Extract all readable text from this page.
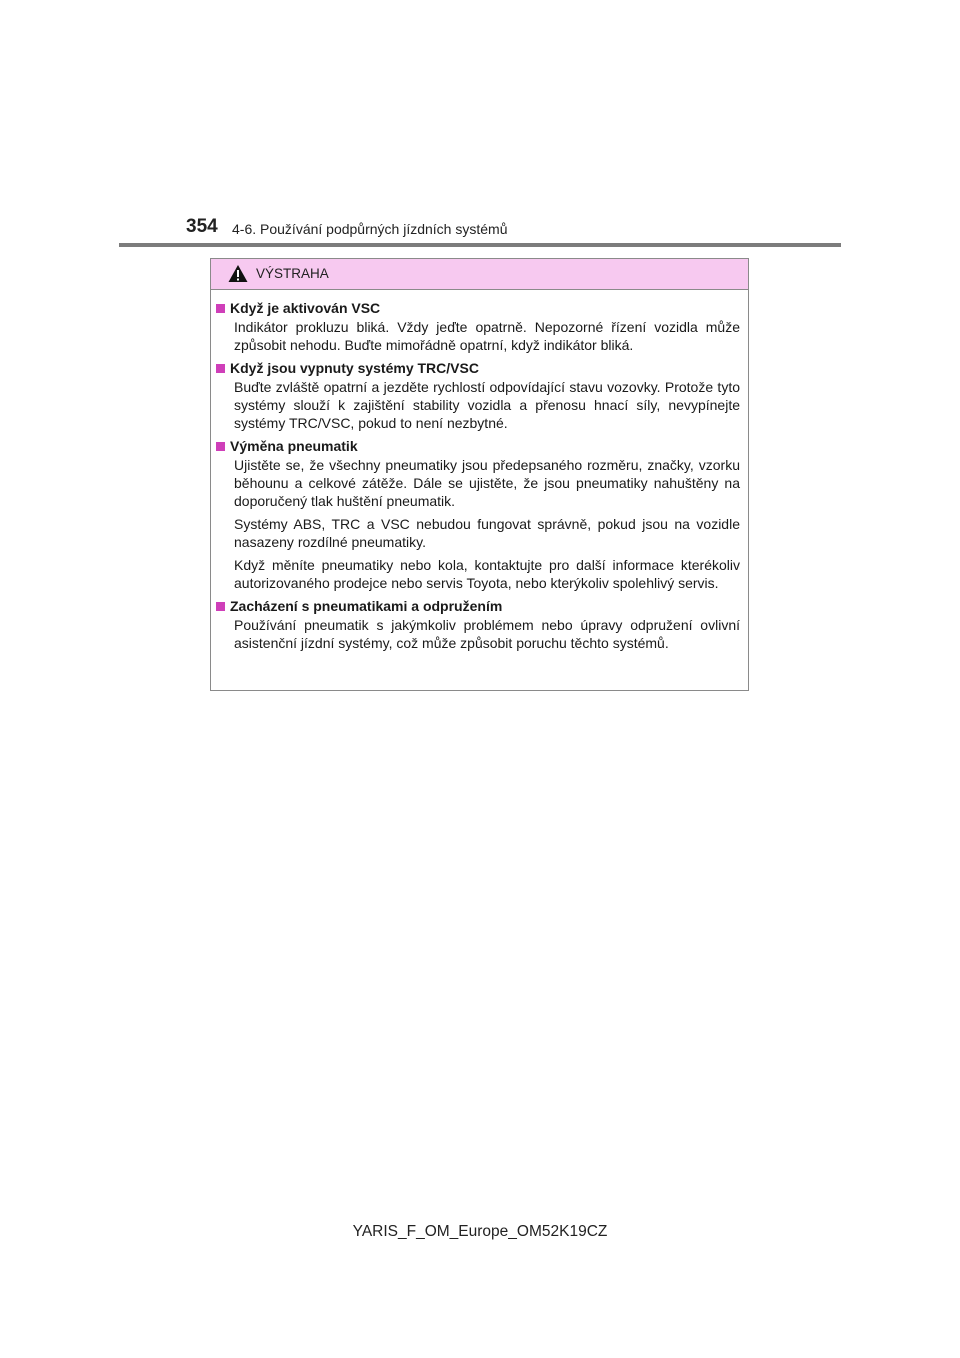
354 4-6. Používání podpůrných jízdních systémů
VÝSTRAHA
Když je aktivován VSC

Indikátor prokluzu bliká. Vždy jeďte opatrně. Nepozorné řízení vozidla může způsobit nehodu. Buďte mimořádně opatrní, když indikátor bliká.

Když jsou vypnuty systémy TRC/VSC

Buďte zvláště opatrní a jezděte rychlostí odpovídající stavu vozovky. Protože tyto systémy slouží k zajištění stability vozidla a přenosu hnací síly, nevypínejte systémy TRC/VSC, pokud to není nezbytné.

Výměna pneumatik

Ujistěte se, že všechny pneumatiky jsou předepsaného rozměru, značky, vzorku běhounu a celkové zátěže. Dále se ujistěte, že jsou pneumatiky nahuštěny na doporučený tlak huštění pneumatik.

Systémy ABS, TRC a VSC nebudou fungovat správně, pokud jsou na vozidle nasazeny rozdílné pneumatiky.

Když měníte pneumatiky nebo kola, kontaktujte pro další informace kterékoliv autorizovaného prodejce nebo servis Toyota, nebo kterýkoliv spolehlivý servis.

Zacházení s pneumatikami a odpružením

Používání pneumatik s jakýmkoliv problémem nebo úpravy odpružení ovlivní asistenční jízdní systémy, což může způsobit poruchu těchto systémů.

YARIS_F_OM_Europe_OM52K19CZ
